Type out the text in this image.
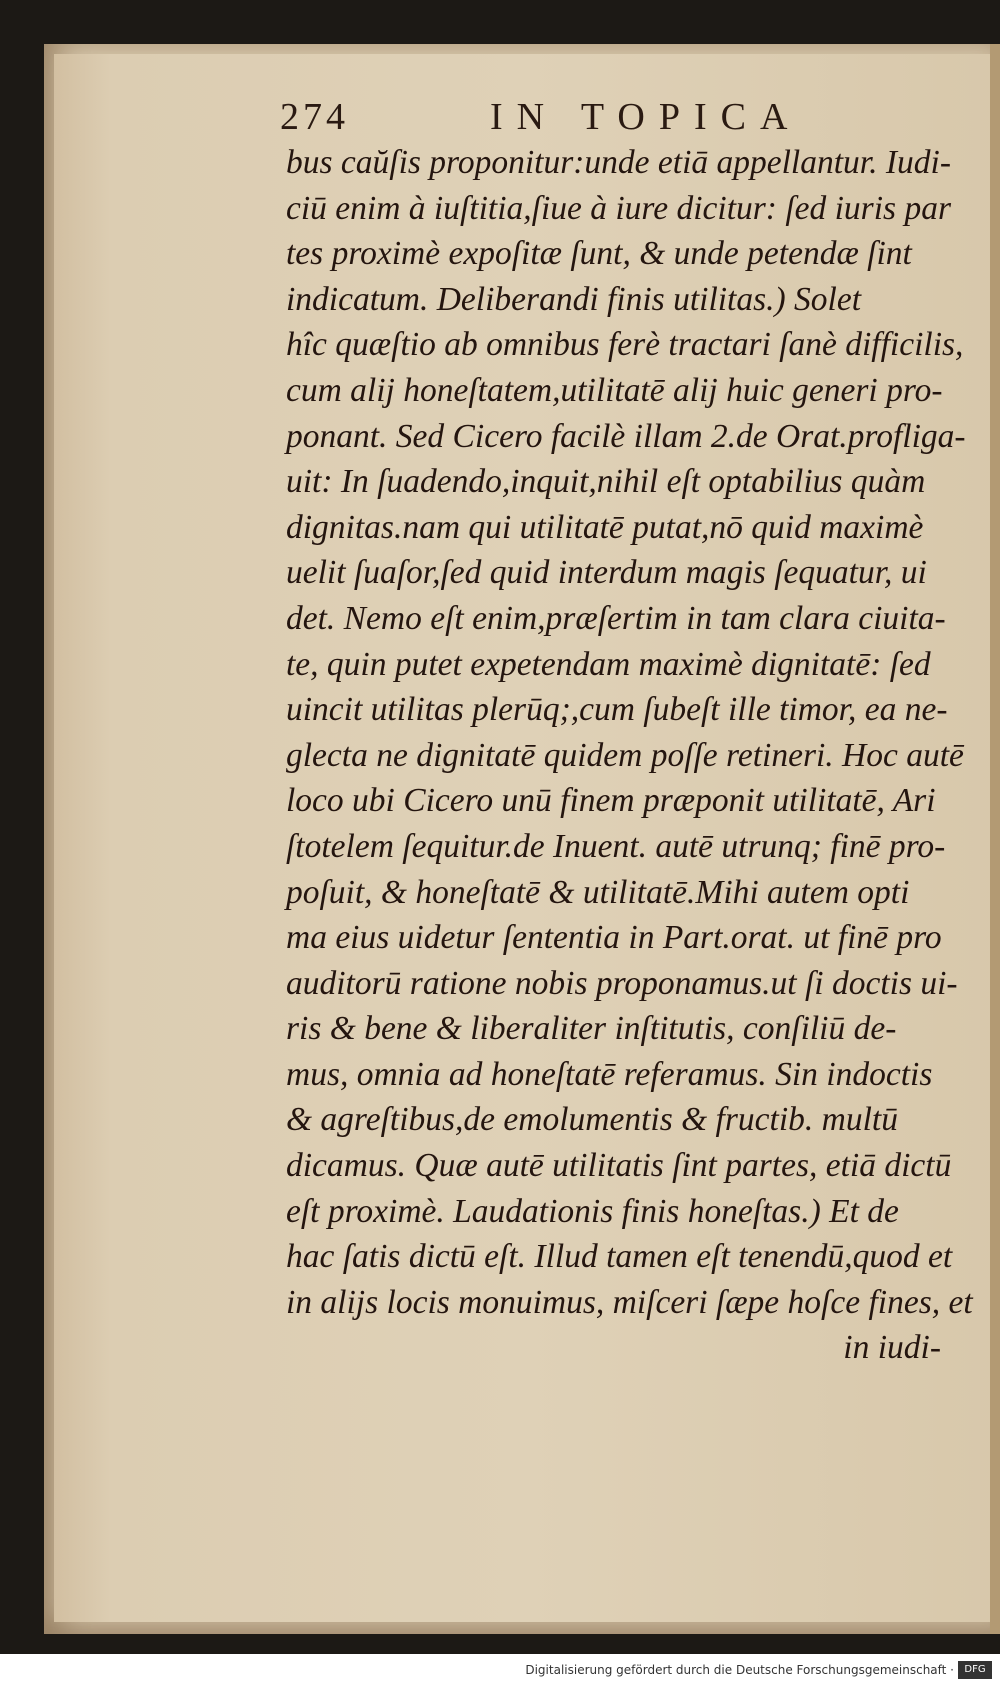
274	IN TOPICA
bus caŭſis proponitur:unde etiā appellantur. Iudi-
ciū enim à iuſtitia,ſiue à iure dicitur: ſed iuris par
tes proximè expoſitæ ſunt, & unde petendæ ſint
indicatum. Deliberandi finis utilitas.) Solet
hîc quæſtio ab omnibus ferè tractari ſanè difficilis,
cum alij honeſtatem,utilitatē alij huic generi pro-
ponant. Sed Cicero facilè illam 2.de Orat.profliga-
uit: In ſuadendo,inquit,nihil eſt optabilius quàm
dignitas.nam qui utilitatē putat,nō quid maximè
uelit ſuaſor,ſed quid interdum magis ſequatur, ui
det. Nemo eſt enim,præſertim in tam clara ciuita-
te, quin putet expetendam maximè dignitatē: ſed
uincit utilitas plerūq;,cum ſubeſt ille timor, ea ne-
glecta ne dignitatē quidem poſſe retineri. Hoc autē
loco ubi Cicero unū finem præponit utilitatē, Ari
ſtotelem ſequitur.de Inuent. autē utrunq; finē pro-
poſuit, & honeſtatē & utilitatē.Mihi autem opti
ma eius uidetur ſententia in Part.orat. ut finē pro
auditorū ratione nobis proponamus.ut ſi doctis ui-
ris & bene & liberaliter inſtitutis, conſiliū de-
mus, omnia ad honeſtatē referamus. Sin indoctis
& agreſtibus,de emolumentis & fructib. multū
dicamus. Quæ autē utilitatis ſint partes, etiā dictū
eſt proximè. Laudationis finis honeſtas.) Et de
hac ſatis dictū eſt. Illud tamen eſt tenendū,quod et
in alijs locis monuimus, miſceri ſæpe hoſce fines, et
in iudi-
Digitalisierung gefördert durch die Deutsche Forschungsgemeinschaft ·	DFG
